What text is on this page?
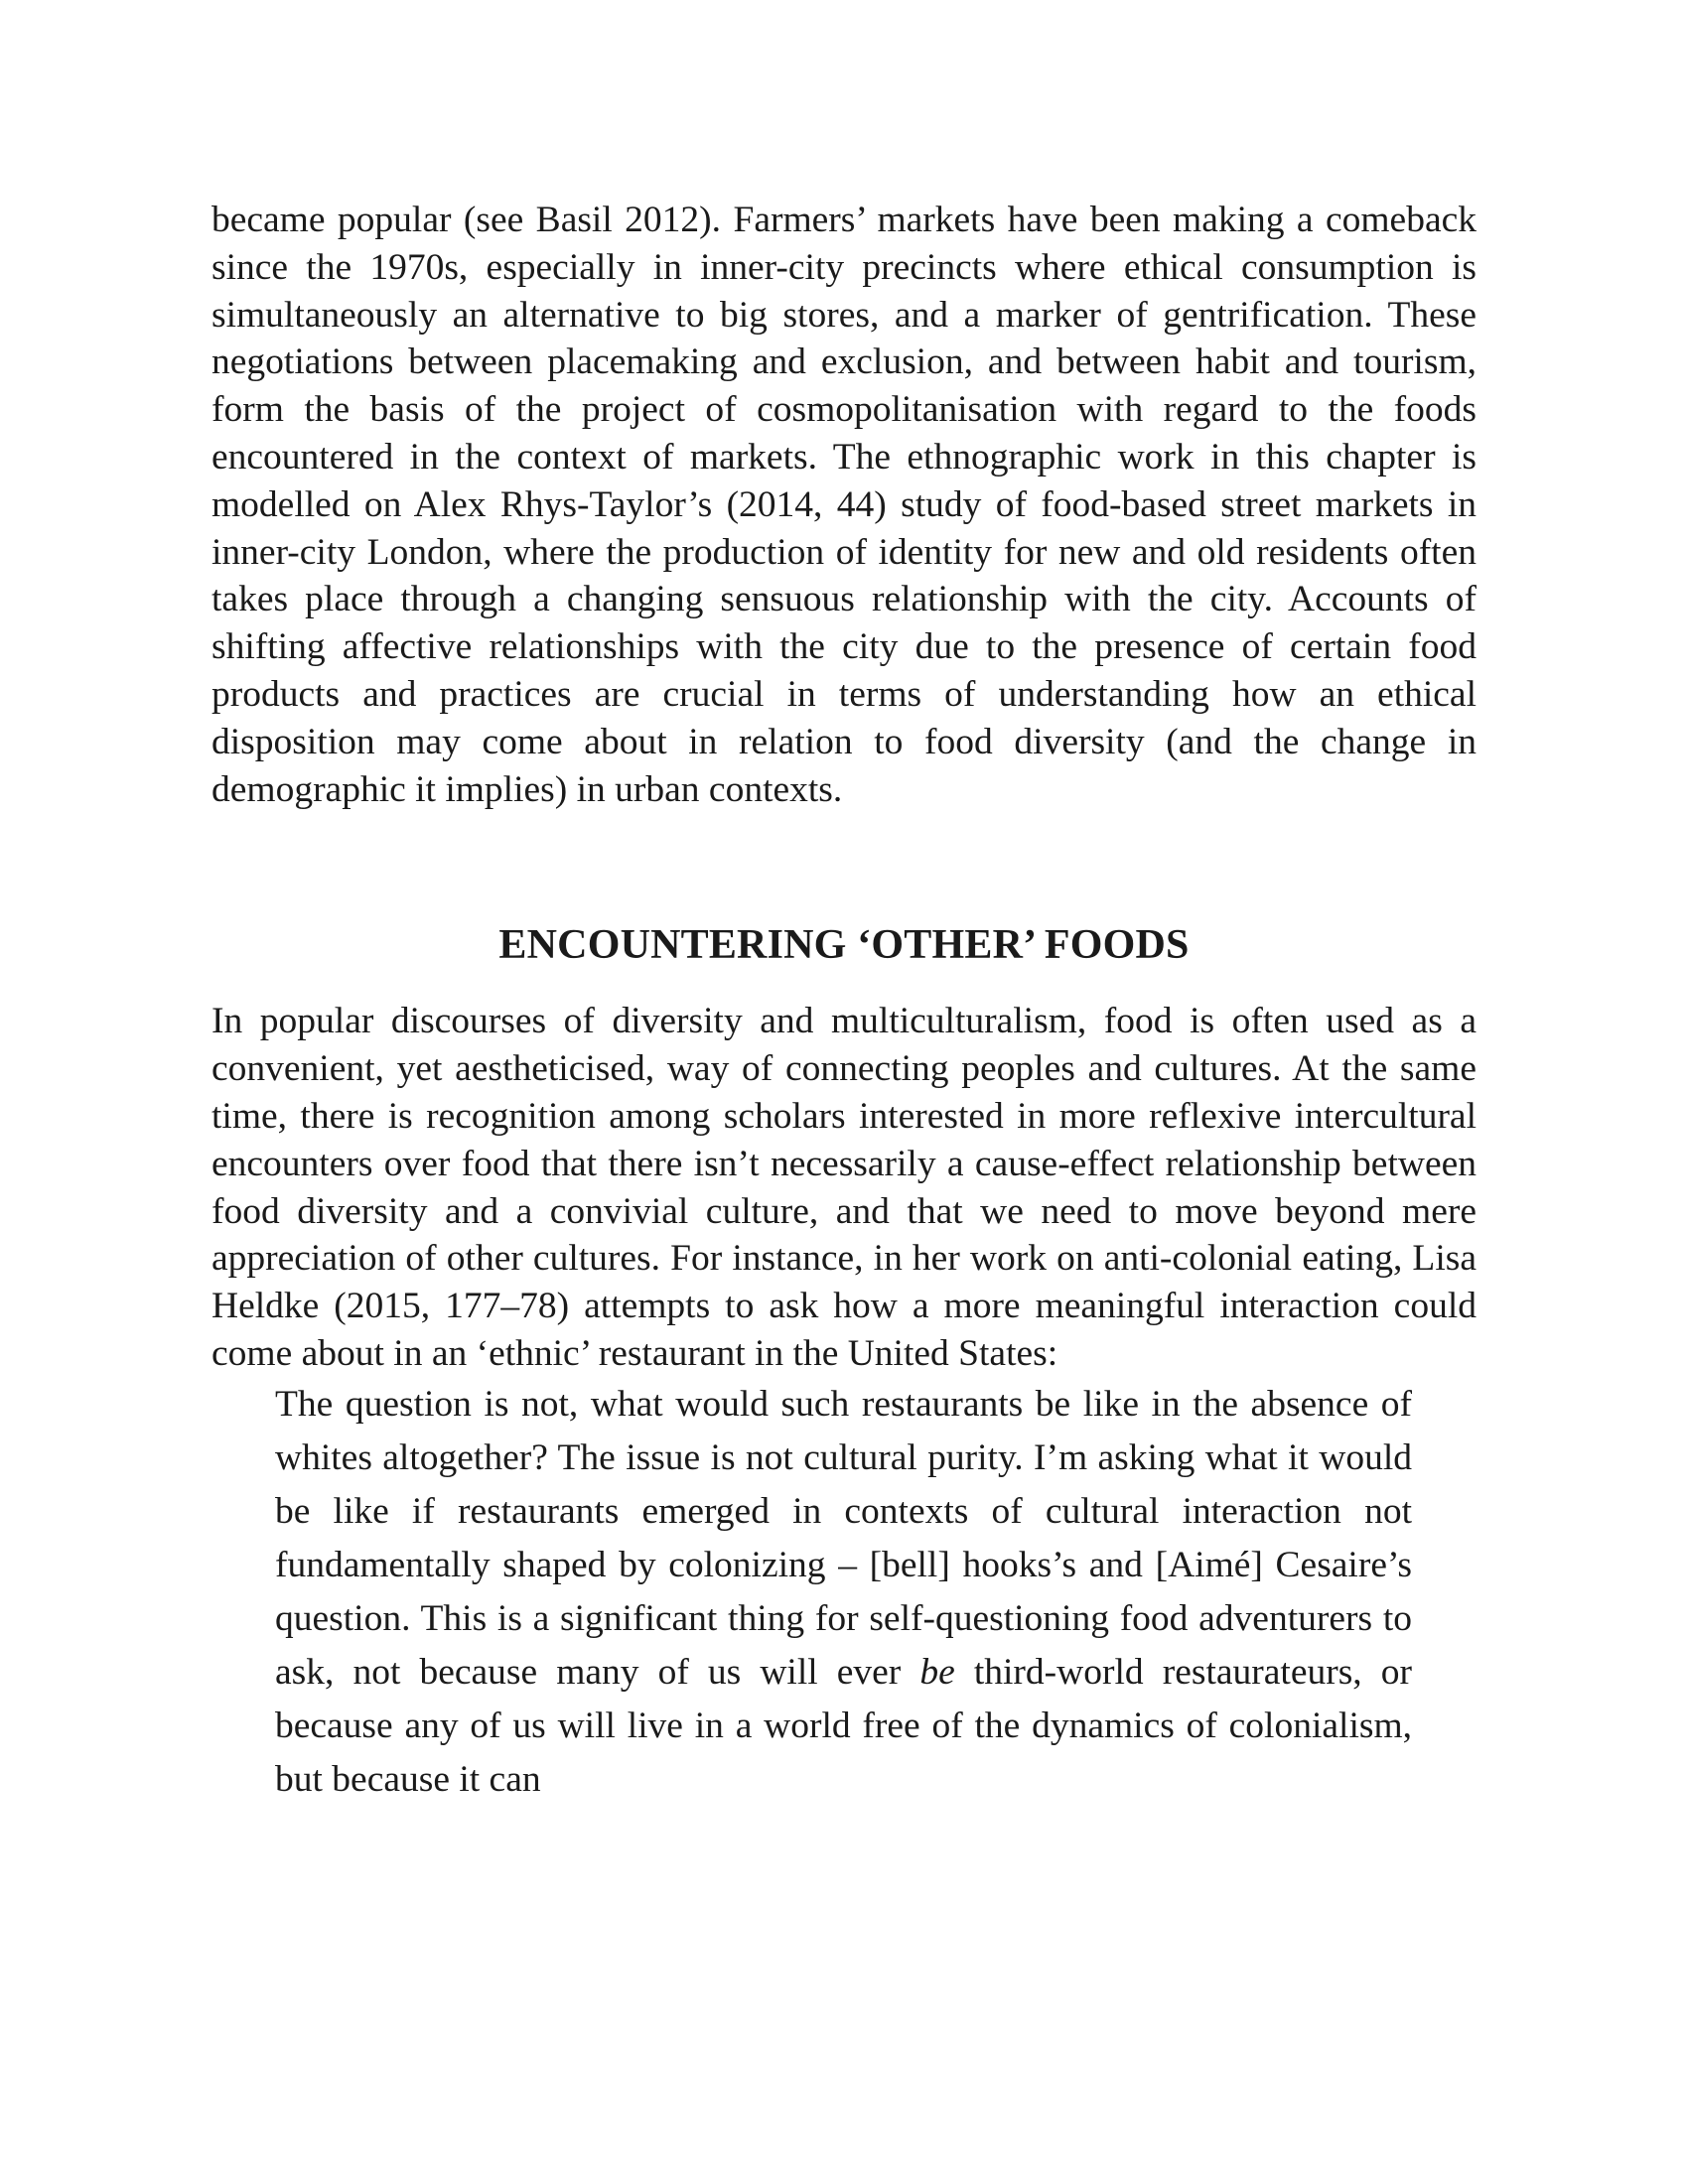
became popular (see Basil 2012). Farmers’ markets have been making a comeback since the 1970s, especially in inner-city precincts where ethical consumption is simultaneously an alternative to big stores, and a marker of gentrification. These negotiations between placemaking and exclusion, and between habit and tourism, form the basis of the project of cosmopolitanisation with regard to the foods encountered in the context of markets. The ethnographic work in this chapter is modelled on Alex Rhys-Taylor’s (2014, 44) study of food-based street markets in inner-city London, where the production of identity for new and old residents often takes place through a changing sensuous relationship with the city. Accounts of shifting affective relationships with the city due to the presence of certain food products and practices are crucial in terms of understanding how an ethical disposition may come about in relation to food diversity (and the change in demographic it implies) in urban contexts.

ENCOUNTERING ‘OTHER’ FOODS

In popular discourses of diversity and multiculturalism, food is often used as a convenient, yet aestheticised, way of connecting peoples and cultures. At the same time, there is recognition among scholars interested in more reflexive intercultural encounters over food that there isn’t necessarily a cause-effect relationship between food diversity and a convivial culture, and that we need to move beyond mere appreciation of other cultures. For instance, in her work on anti-colonial eating, Lisa Heldke (2015, 177–78) attempts to ask how a more meaningful interaction could come about in an ‘ethnic’ restaurant in the United States:

The question is not, what would such restaurants be like in the absence of whites altogether? The issue is not cultural purity. I’m asking what it would be like if restaurants emerged in contexts of cultural interaction not fundamentally shaped by colonizing – [bell] hooks’s and [Aimé] Cesaire’s question. This is a significant thing for self-questioning food adventurers to ask, not because many of us will ever be third-world restaurateurs, or because any of us will live in a world free of the dynamics of colonialism, but because it can
